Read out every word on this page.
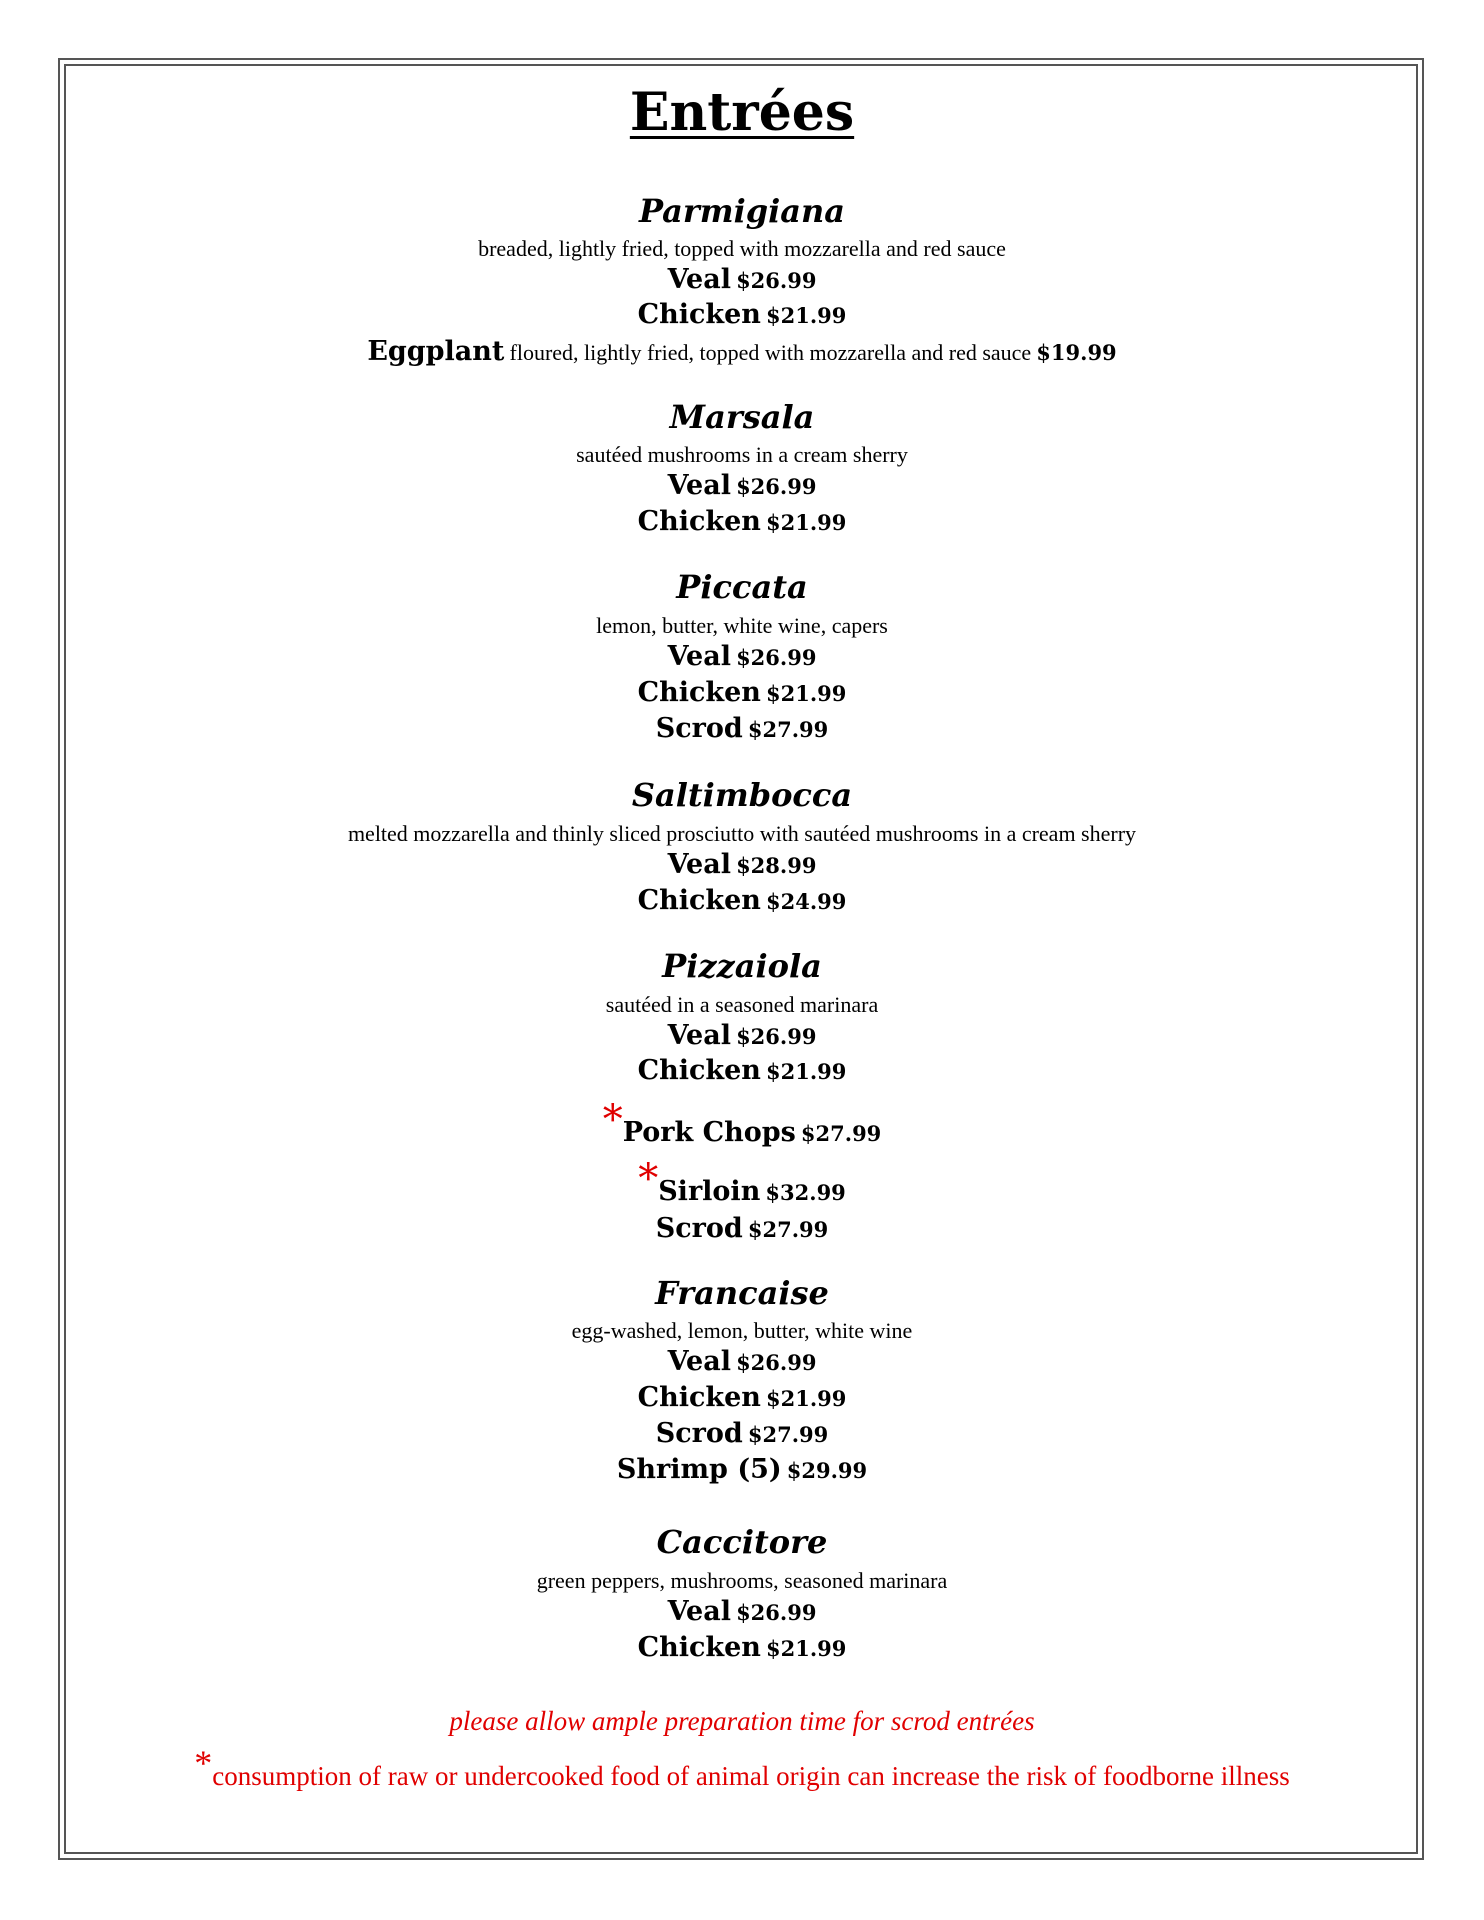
Entrées
Parmigiana
breaded, lightly fried, topped with mozzarella and red sauce
Veal $26.99
Chicken $21.99
Eggplant floured, lightly fried, topped with mozzarella and red sauce $19.99
Marsala
sautéed mushrooms in a cream sherry
Veal $26.99
Chicken $21.99
Piccata
lemon, butter, white wine, capers
Veal $26.99
Chicken $21.99
Scrod $27.99
Saltimbocca
melted mozzarella and thinly sliced prosciutto with sautéed mushrooms in a cream sherry
Veal $28.99
Chicken $24.99
Pizzaiola
sautéed in a seasoned marinara
Veal $26.99
Chicken $21.99
*Pork Chops $27.99
*Sirloin $32.99
Scrod $27.99
Francaise
egg-washed, lemon, butter, white wine
Veal $26.99
Chicken $21.99
Scrod $27.99
Shrimp (5) $29.99
Caccitore
green peppers, mushrooms, seasoned marinara
Veal $26.99
Chicken $21.99
please allow ample preparation time for scrod entrées
*consumption of raw or undercooked food of animal origin can increase the risk of foodborne illness
